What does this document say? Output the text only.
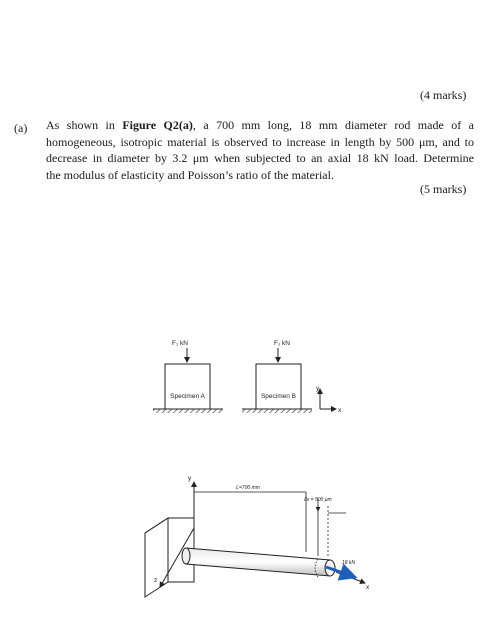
(4 marks)
(a) As shown in Figure Q2(a), a 700 mm long, 18 mm diameter rod made of a
homogeneous, isotropic material is observed to increase in length by 500 μm, and to
decrease in diameter by 3.2 μm when subjected to an axial 18 kN load. Determine
the modulus of elasticity and Poisson’s ratio of the material.
(5 marks)
F₁ kN
Specimen A
F₁ kN
Specimen B
y
x
y
z
x
18 kN
L=700 mm
δx = 500 μm
